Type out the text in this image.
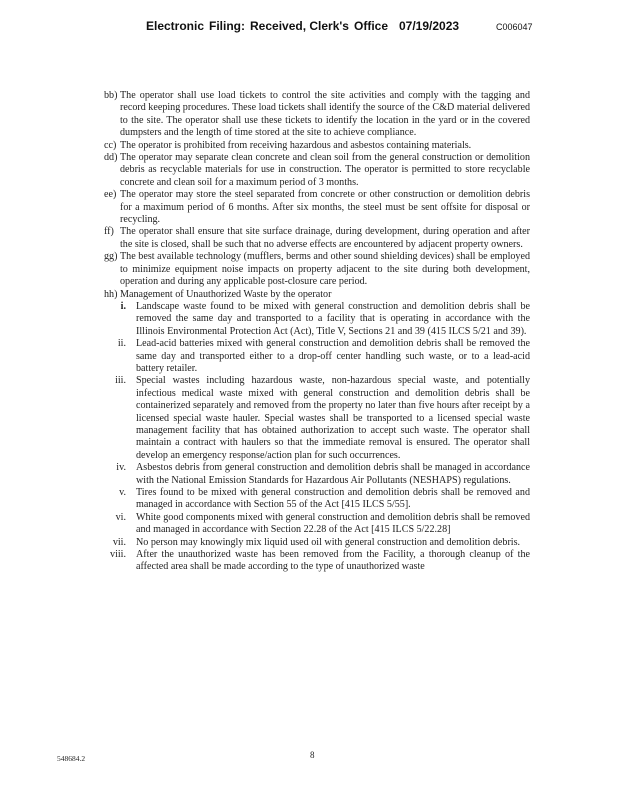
Electronic Filing: Received, Clerk's Office 07/19/2023	C006047
bb) The operator shall use load tickets to control the site activities and comply with the tagging and record keeping procedures. These load tickets shall identify the source of the C&D material delivered to the site. The operator shall use these tickets to identify the location in the yard or in the covered dumpsters and the length of time stored at the site to achieve compliance.
cc) The operator is prohibited from receiving hazardous and asbestos containing materials.
dd) The operator may separate clean concrete and clean soil from the general construction or demolition debris as recyclable materials for use in construction. The operator is permitted to store recyclable concrete and clean soil for a maximum period of 3 months.
ee) The operator may store the steel separated from concrete or other construction or demolition debris for a maximum period of 6 months. After six months, the steel must be sent offsite for disposal or recycling.
ff) The operator shall ensure that site surface drainage, during development, during operation and after the site is closed, shall be such that no adverse effects are encountered by adjacent property owners.
gg) The best available technology (mufflers, berms and other sound shielding devices) shall be employed to minimize equipment noise impacts on property adjacent to the site during both development, operation and during any applicable post-closure care period.
hh) Management of Unauthorized Waste by the operator
i. Landscape waste found to be mixed with general construction and demolition debris shall be removed the same day and transported to a facility that is operating in accordance with the Illinois Environmental Protection Act (Act), Title V, Sections 21 and 39 (415 ILCS 5/21 and 39).
ii. Lead-acid batteries mixed with general construction and demolition debris shall be removed the same day and transported either to a drop-off center handling such waste, or to a lead-acid battery retailer.
iii. Special wastes including hazardous waste, non-hazardous special waste, and potentially infectious medical waste mixed with general construction and demolition debris shall be containerized separately and removed from the property no later than five hours after receipt by a licensed special waste hauler. Special wastes shall be transported to a licensed special waste management facility that has obtained authorization to accept such waste. The operator shall maintain a contract with haulers so that the immediate removal is ensured. The operator shall develop an emergency response/action plan for such occurrences.
iv. Asbestos debris from general construction and demolition debris shall be managed in accordance with the National Emission Standards for Hazardous Air Pollutants (NESHAPS) regulations.
v. Tires found to be mixed with general construction and demolition debris shall be removed and managed in accordance with Section 55 of the Act [415 ILCS 5/55].
vi. White good components mixed with general construction and demolition debris shall be removed and managed in accordance with Section 22.28 of the Act [415 ILCS 5/22.28]
vii. No person may knowingly mix liquid used oil with general construction and demolition debris.
viii. After the unauthorized waste has been removed from the Facility, a thorough cleanup of the affected area shall be made according to the type of unauthorized waste
548684.2	8
